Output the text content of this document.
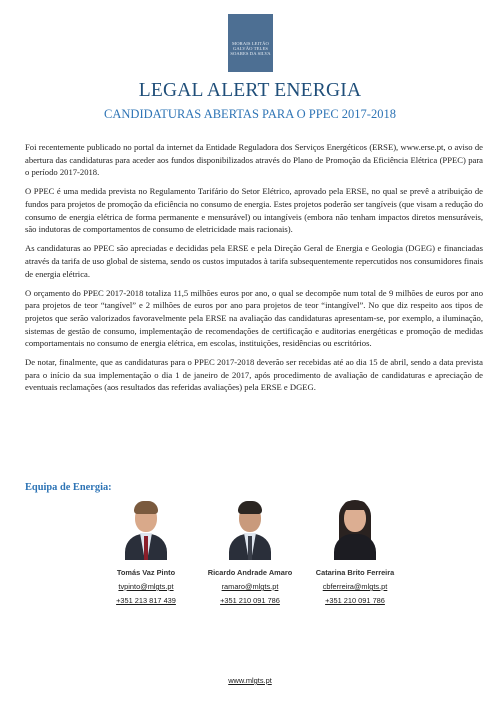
MORAIS LEITÃO
GALVÃO TELES
SOARES DA SILVA
LEGAL ALERT ENERGIA
CANDIDATURAS ABERTAS PARA O PPEC 2017-2018

Foi recentemente publicado no portal da internet da Entidade Reguladora dos Serviços Energéticos (ERSE), www.erse.pt, o aviso de abertura das candidaturas para aceder aos fundos disponibilizados através do Plano de Promoção da Eficiência Elétrica (PPEC) para o período 2017-2018.

O PPEC é uma medida prevista no Regulamento Tarifário do Setor Elétrico, aprovado pela ERSE, no qual se prevê a atribuição de fundos para projetos de promoção da eficiência no consumo de energia. Estes projetos poderão ser tangíveis (que visam a redução do consumo de energia elétrica de forma permanente e mensurável) ou intangíveis (embora não tenham impactos diretos mensuráveis, são indutoras de comportamentos de consumo de eletricidade mais racionais).

As candidaturas ao PPEC são apreciadas e decididas pela ERSE e pela Direção Geral de Energia e Geologia (DGEG) e financiadas através da tarifa de uso global de sistema, sendo os custos imputados à tarifa subsequentemente repercutidos nos consumidores finais de energia elétrica.

O orçamento do PPEC 2017-2018 totaliza 11,5 milhões euros por ano, o qual se decompõe num total de 9 milhões de euros por ano para projetos de teor “tangível” e 2 milhões de euros por ano para projetos de teor “intangível”. No que diz respeito aos tipos de projetos que serão valorizados favoravelmente pela ERSE na avaliação das candidaturas apresentam-se, por exemplo, a iluminação, sistemas de gestão de consumo, implementação de recomendações de certificação e auditorias energéticas e promoção de medidas comportamentais no consumo de energia elétrica, em escolas, instituições, residências ou escritórios.

De notar, finalmente, que as candidaturas para o PPEC 2017-2018 deverão ser recebidas até ao dia 15 de abril, sendo a data prevista para o início da sua implementação o dia 1 de janeiro de 2017, após procedimento de avaliação de candidaturas e apreciação de eventuais reclamações (aos resultados das referidas avaliações) pela ERSE e DGEG.

Equipa de Energia:
Tomás Vaz Pinto
tvpinto@mlgts.pt
+351 213 817 439
Ricardo Andrade Amaro
ramaro@mlgts.pt
+351 210 091 786
Catarina Brito Ferreira
cbferreira@mlgts.pt
+351 210 091 786
www.mlgts.pt
